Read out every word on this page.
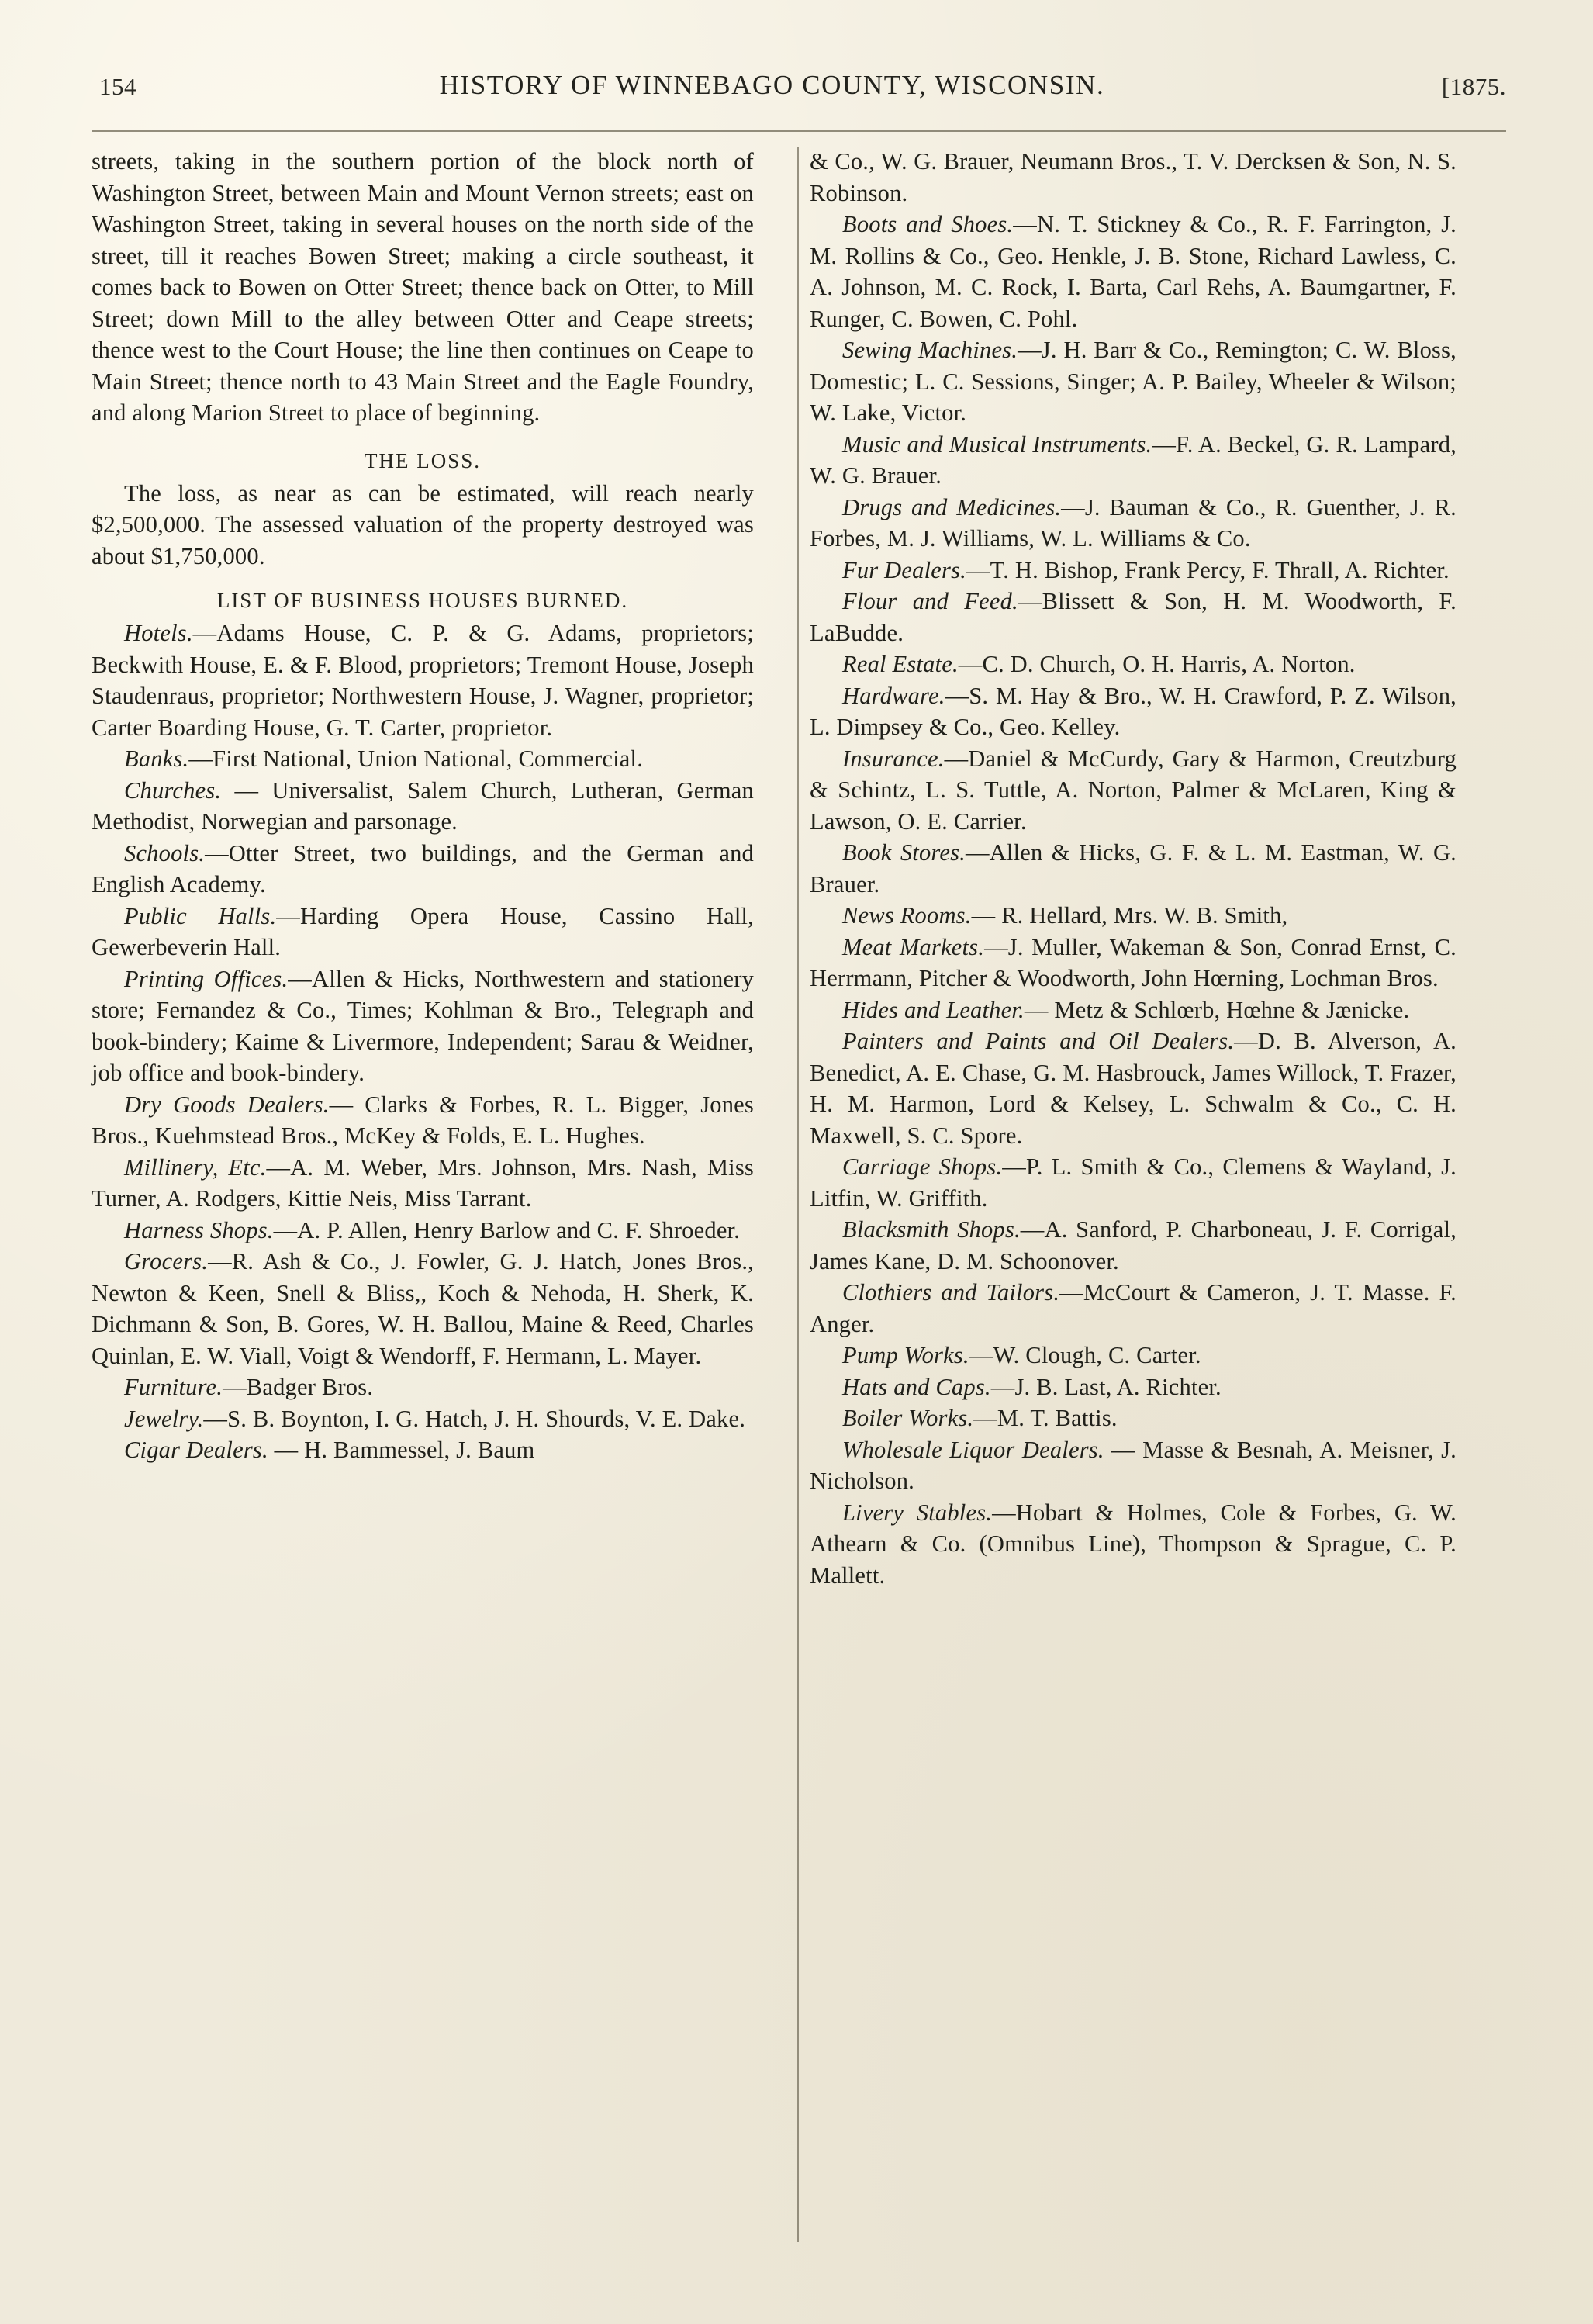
154	HISTORY OF WINNEBAGO COUNTY, WISCONSIN.	[1875.

streets, taking in the southern portion of the block north of Washington Street, between Main and Mount Vernon streets; east on Washington Street, taking in several houses on the north side of the street, till it reaches Bowen Street; making a circle southeast, it comes back to Bowen on Otter Street; thence back on Otter, to Mill Street; down Mill to the alley between Otter and Ceape streets; thence west to the Court House; the line then continues on Ceape to Main Street; thence north to 43 Main Street and the Eagle Foundry, and along Marion Street to place of beginning.

THE LOSS.

The loss, as near as can be estimated, will reach nearly $2,500,000. The assessed valuation of the property destroyed was about $1,750,000.

LIST OF BUSINESS HOUSES BURNED.

Hotels.—Adams House, C. P. & G. Adams, proprietors; Beckwith House, E. & F. Blood, proprietors; Tremont House, Joseph Staudenraus, proprietor; Northwestern House, J. Wagner, proprietor; Carter Boarding House, G. T. Carter, proprietor.

Banks.—First National, Union National, Commercial.

Churches. — Universalist, Salem Church, Lutheran, German Methodist, Norwegian and parsonage.

Schools.—Otter Street, two buildings, and the German and English Academy.

Public Halls.—Harding Opera House, Cassino Hall, Gewerbeverin Hall.

Printing Offices.—Allen & Hicks, Northwestern and stationery store; Fernandez & Co., Times; Kohlman & Bro., Telegraph and book-bindery; Kaime & Livermore, Independent; Sarau & Weidner, job office and book-bindery.

Dry Goods Dealers.— Clarks & Forbes, R. L. Bigger, Jones Bros., Kuehmstead Bros., McKey & Folds, E. L. Hughes.

Millinery, Etc.—A. M. Weber, Mrs. Johnson, Mrs. Nash, Miss Turner, A. Rodgers, Kittie Neis, Miss Tarrant.

Harness Shops.—A. P. Allen, Henry Barlow and C. F. Shroeder.

Grocers.—R. Ash & Co., J. Fowler, G. J. Hatch, Jones Bros., Newton & Keen, Snell & Bliss,, Koch & Nehoda, H. Sherk, K. Dichmann & Son, B. Gores, W. H. Ballou, Maine & Reed, Charles Quinlan, E. W. Viall, Voigt & Wendorff, F. Hermann, L. Mayer.

Furniture.—Badger Bros.

Jewelry.—S. B. Boynton, I. G. Hatch, J. H. Shourds, V. E. Dake.

Cigar Dealers. — H. Bammessel, J. Baum

& Co., W. G. Brauer, Neumann Bros., T. V. Dercksen & Son, N. S. Robinson.

Boots and Shoes.—N. T. Stickney & Co., R. F. Farrington, J. M. Rollins & Co., Geo. Henkle, J. B. Stone, Richard Lawless, C. A. Johnson, M. C. Rock, I. Barta, Carl Rehs, A. Baumgartner, F. Runger, C. Bowen, C. Pohl.

Sewing Machines.—J. H. Barr & Co., Remington; C. W. Bloss, Domestic; L. C. Sessions, Singer; A. P. Bailey, Wheeler & Wilson; W. Lake, Victor.

Music and Musical Instruments.—F. A. Beckel, G. R. Lampard, W. G. Brauer.

Drugs and Medicines.—J. Bauman & Co., R. Guenther, J. R. Forbes, M. J. Williams, W. L. Williams & Co.

Fur Dealers.—T. H. Bishop, Frank Percy, F. Thrall, A. Richter.

Flour and Feed.—Blissett & Son, H. M. Woodworth, F. LaBudde.

Real Estate.—C. D. Church, O. H. Harris, A. Norton.

Hardware.—S. M. Hay & Bro., W. H. Crawford, P. Z. Wilson, L. Dimpsey & Co., Geo. Kelley.

Insurance.—Daniel & McCurdy, Gary & Harmon, Creutzburg & Schintz, L. S. Tuttle, A. Norton, Palmer & McLaren, King & Lawson, O. E. Carrier.

Book Stores.—Allen & Hicks, G. F. & L. M. Eastman, W. G. Brauer.

News Rooms.— R. Hellard, Mrs. W. B. Smith,

Meat Markets.—J. Muller, Wakeman & Son, Conrad Ernst, C. Herrmann, Pitcher & Woodworth, John Hœrning, Lochman Bros.

Hides and Leather.— Metz & Schlœrb, Hœhne & Jænicke.

Painters and Paints and Oil Dealers.—D. B. Alverson, A. Benedict, A. E. Chase, G. M. Hasbrouck, James Willock, T. Frazer, H. M. Harmon, Lord & Kelsey, L. Schwalm & Co., C. H. Maxwell, S. C. Spore.

Carriage Shops.—P. L. Smith & Co., Clemens & Wayland, J. Litfin, W. Griffith.

Blacksmith Shops.—A. Sanford, P. Charboneau, J. F. Corrigal, James Kane, D. M. Schoonover.

Clothiers and Tailors.—McCourt & Cameron, J. T. Masse. F. Anger.

Pump Works.—W. Clough, C. Carter.

Hats and Caps.—J. B. Last, A. Richter.

Boiler Works.—M. T. Battis.

Wholesale Liquor Dealers. — Masse & Besnah, A. Meisner, J. Nicholson.

Livery Stables.—Hobart & Holmes, Cole & Forbes, G. W. Athearn & Co. (Omnibus Line), Thompson & Sprague, C. P. Mallett.
